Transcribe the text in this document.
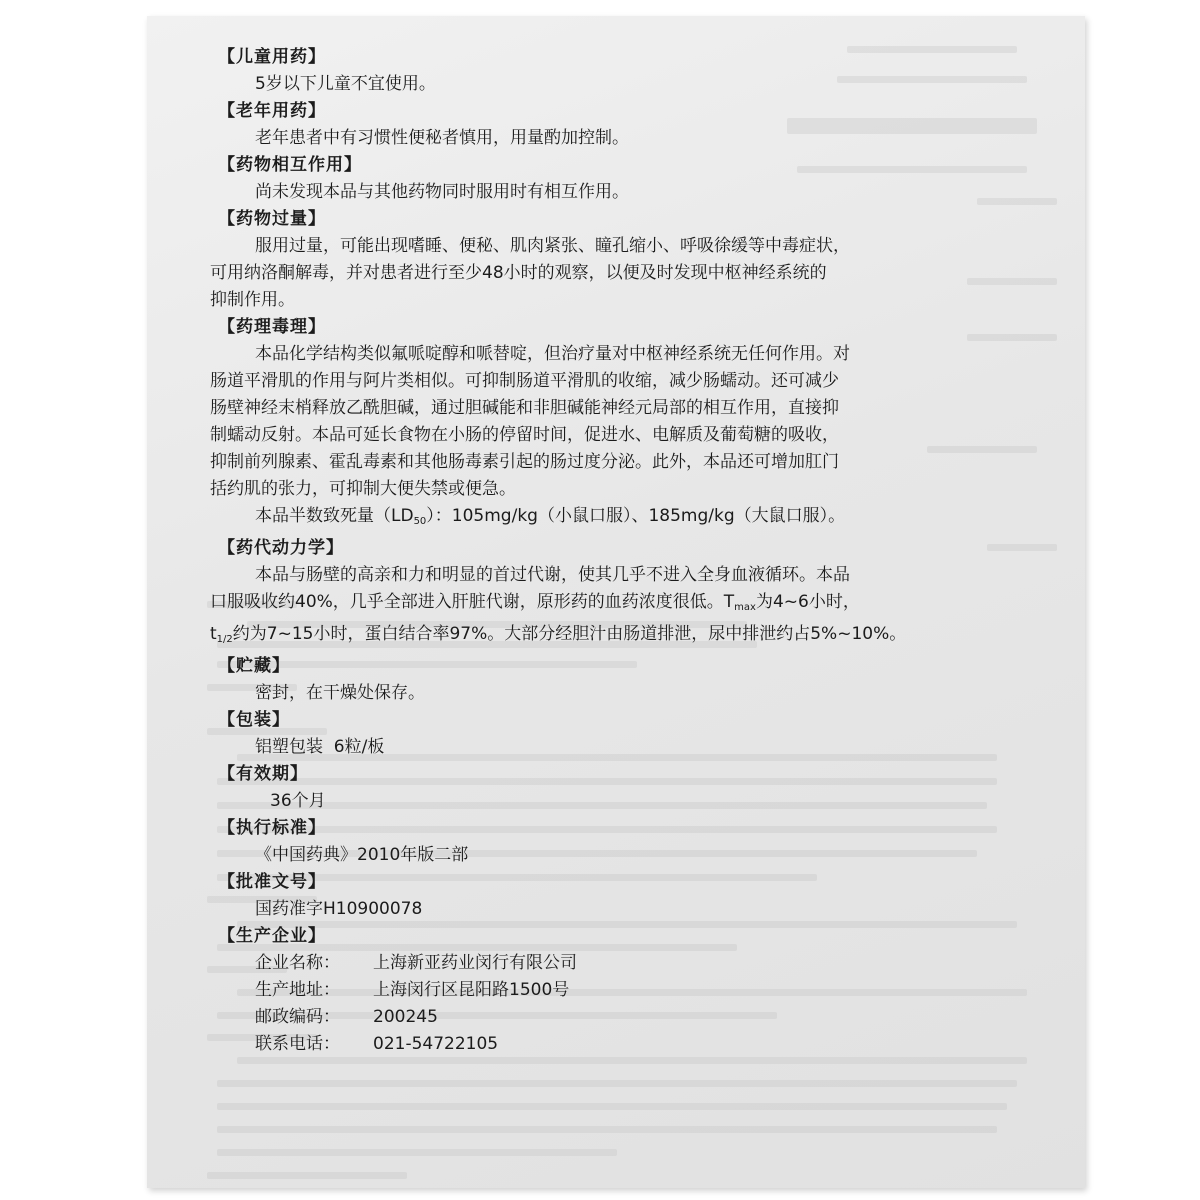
【儿童用药】
5岁以下儿童不宜使用。
【老年用药】
老年患者中有习惯性便秘者慎用，用量酌加控制。
【药物相互作用】
尚未发现本品与其他药物同时服用时有相互作用。
【药物过量】
服用过量，可能出现嗜睡、便秘、肌肉紧张、瞳孔缩小、呼吸徐缓等中毒症状，
可用纳洛酮解毒，并对患者进行至少48小时的观察，以便及时发现中枢神经系统的
抑制作用。
【药理毒理】
本品化学结构类似氟哌啶醇和哌替啶，但治疗量对中枢神经系统无任何作用。对
肠道平滑肌的作用与阿片类相似。可抑制肠道平滑肌的收缩，减少肠蠕动。还可减少
肠壁神经末梢释放乙酰胆碱，通过胆碱能和非胆碱能神经元局部的相互作用，直接抑
制蠕动反射。本品可延长食物在小肠的停留时间，促进水、电解质及葡萄糖的吸收，
抑制前列腺素、霍乱毒素和其他肠毒素引起的肠过度分泌。此外，本品还可增加肛门
括约肌的张力，可抑制大便失禁或便急。
本品半数致死量$(LD_{50})$：105mg/kg（小鼠口服）、185mg/kg（大鼠口服）。
【药代动力学】
本品与肠壁的高亲和力和明显的首过代谢，使其几乎不进入全身血液循环。本品
口服吸收约40%，几乎全部进入肝脏代谢，原形药的血药浓度很低。$T_{max}$为4~6小时，
$t_{1/2}$约为7~15小时，蛋白结合率97%。大部分经胆汁由肠道排泄，尿中排泄约占5%~10%。
【贮藏】
密封，在干燥处保存。
【包装】
铝塑包装  6粒/板
【有效期】
36个月
【执行标准】
《中国药典》2010年版二部
【批准文号】
国药准字H10900078
【生产企业】
企业名称： 上海新亚药业闵行有限公司
生产地址： 上海闵行区昆阳路1500号
邮政编码： 200245
联系电话： 021-54722105
